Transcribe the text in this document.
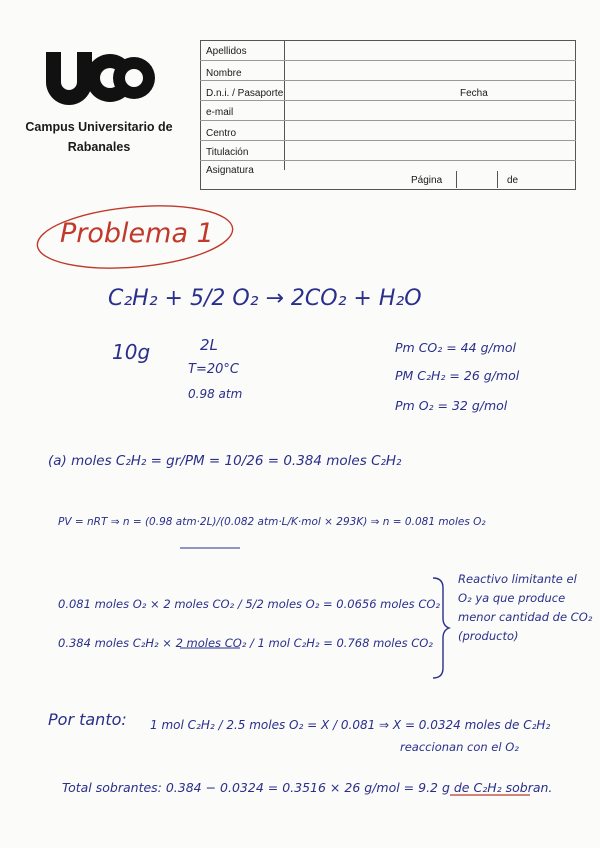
Campus Universitario de
Rabanales
Apellidos
Nombre
D.n.i. / Pasaporte	Fecha
e-mail
Centro
Titulación
Asignatura
Página	de
Problema 1
C₂H₂ + 5/2 O₂ → 2CO₂ + H₂O
10g	2L
T=20°C
0.98 atm
Pm CO₂ = 44 g/mol
PM C₂H₂ = 26 g/mol
Pm O₂ = 32 g/mol
(a) moles C₂H₂ = gr/PM = 10/26 = 0.384 moles C₂H₂
PV = nRT ⇒ n = (0.98 atm·2L)/(0.082 atm·L/K·mol × 293K) ⇒ n = 0.081 moles O₂
0.081 moles O₂ × 2 moles CO₂ / 5/2 moles O₂ = 0.0656 moles CO₂
0.384 moles C₂H₂ × 2 moles CO₂ / 1 mol C₂H₂ = 0.768 moles CO₂
Reactivo limitante el O₂ ya que produce menor cantidad de CO₂ (producto)
Por tanto: 1 mol C₂H₂ / 2.5 moles O₂ = X / 0.081 ⇒ X = 0.0324 moles de C₂H₂
reaccionan con el O₂
Total sobrantes: 0.384 − 0.0324 = 0.3516 × 26 g/mol = 9.2 g de C₂H₂ sobran.
